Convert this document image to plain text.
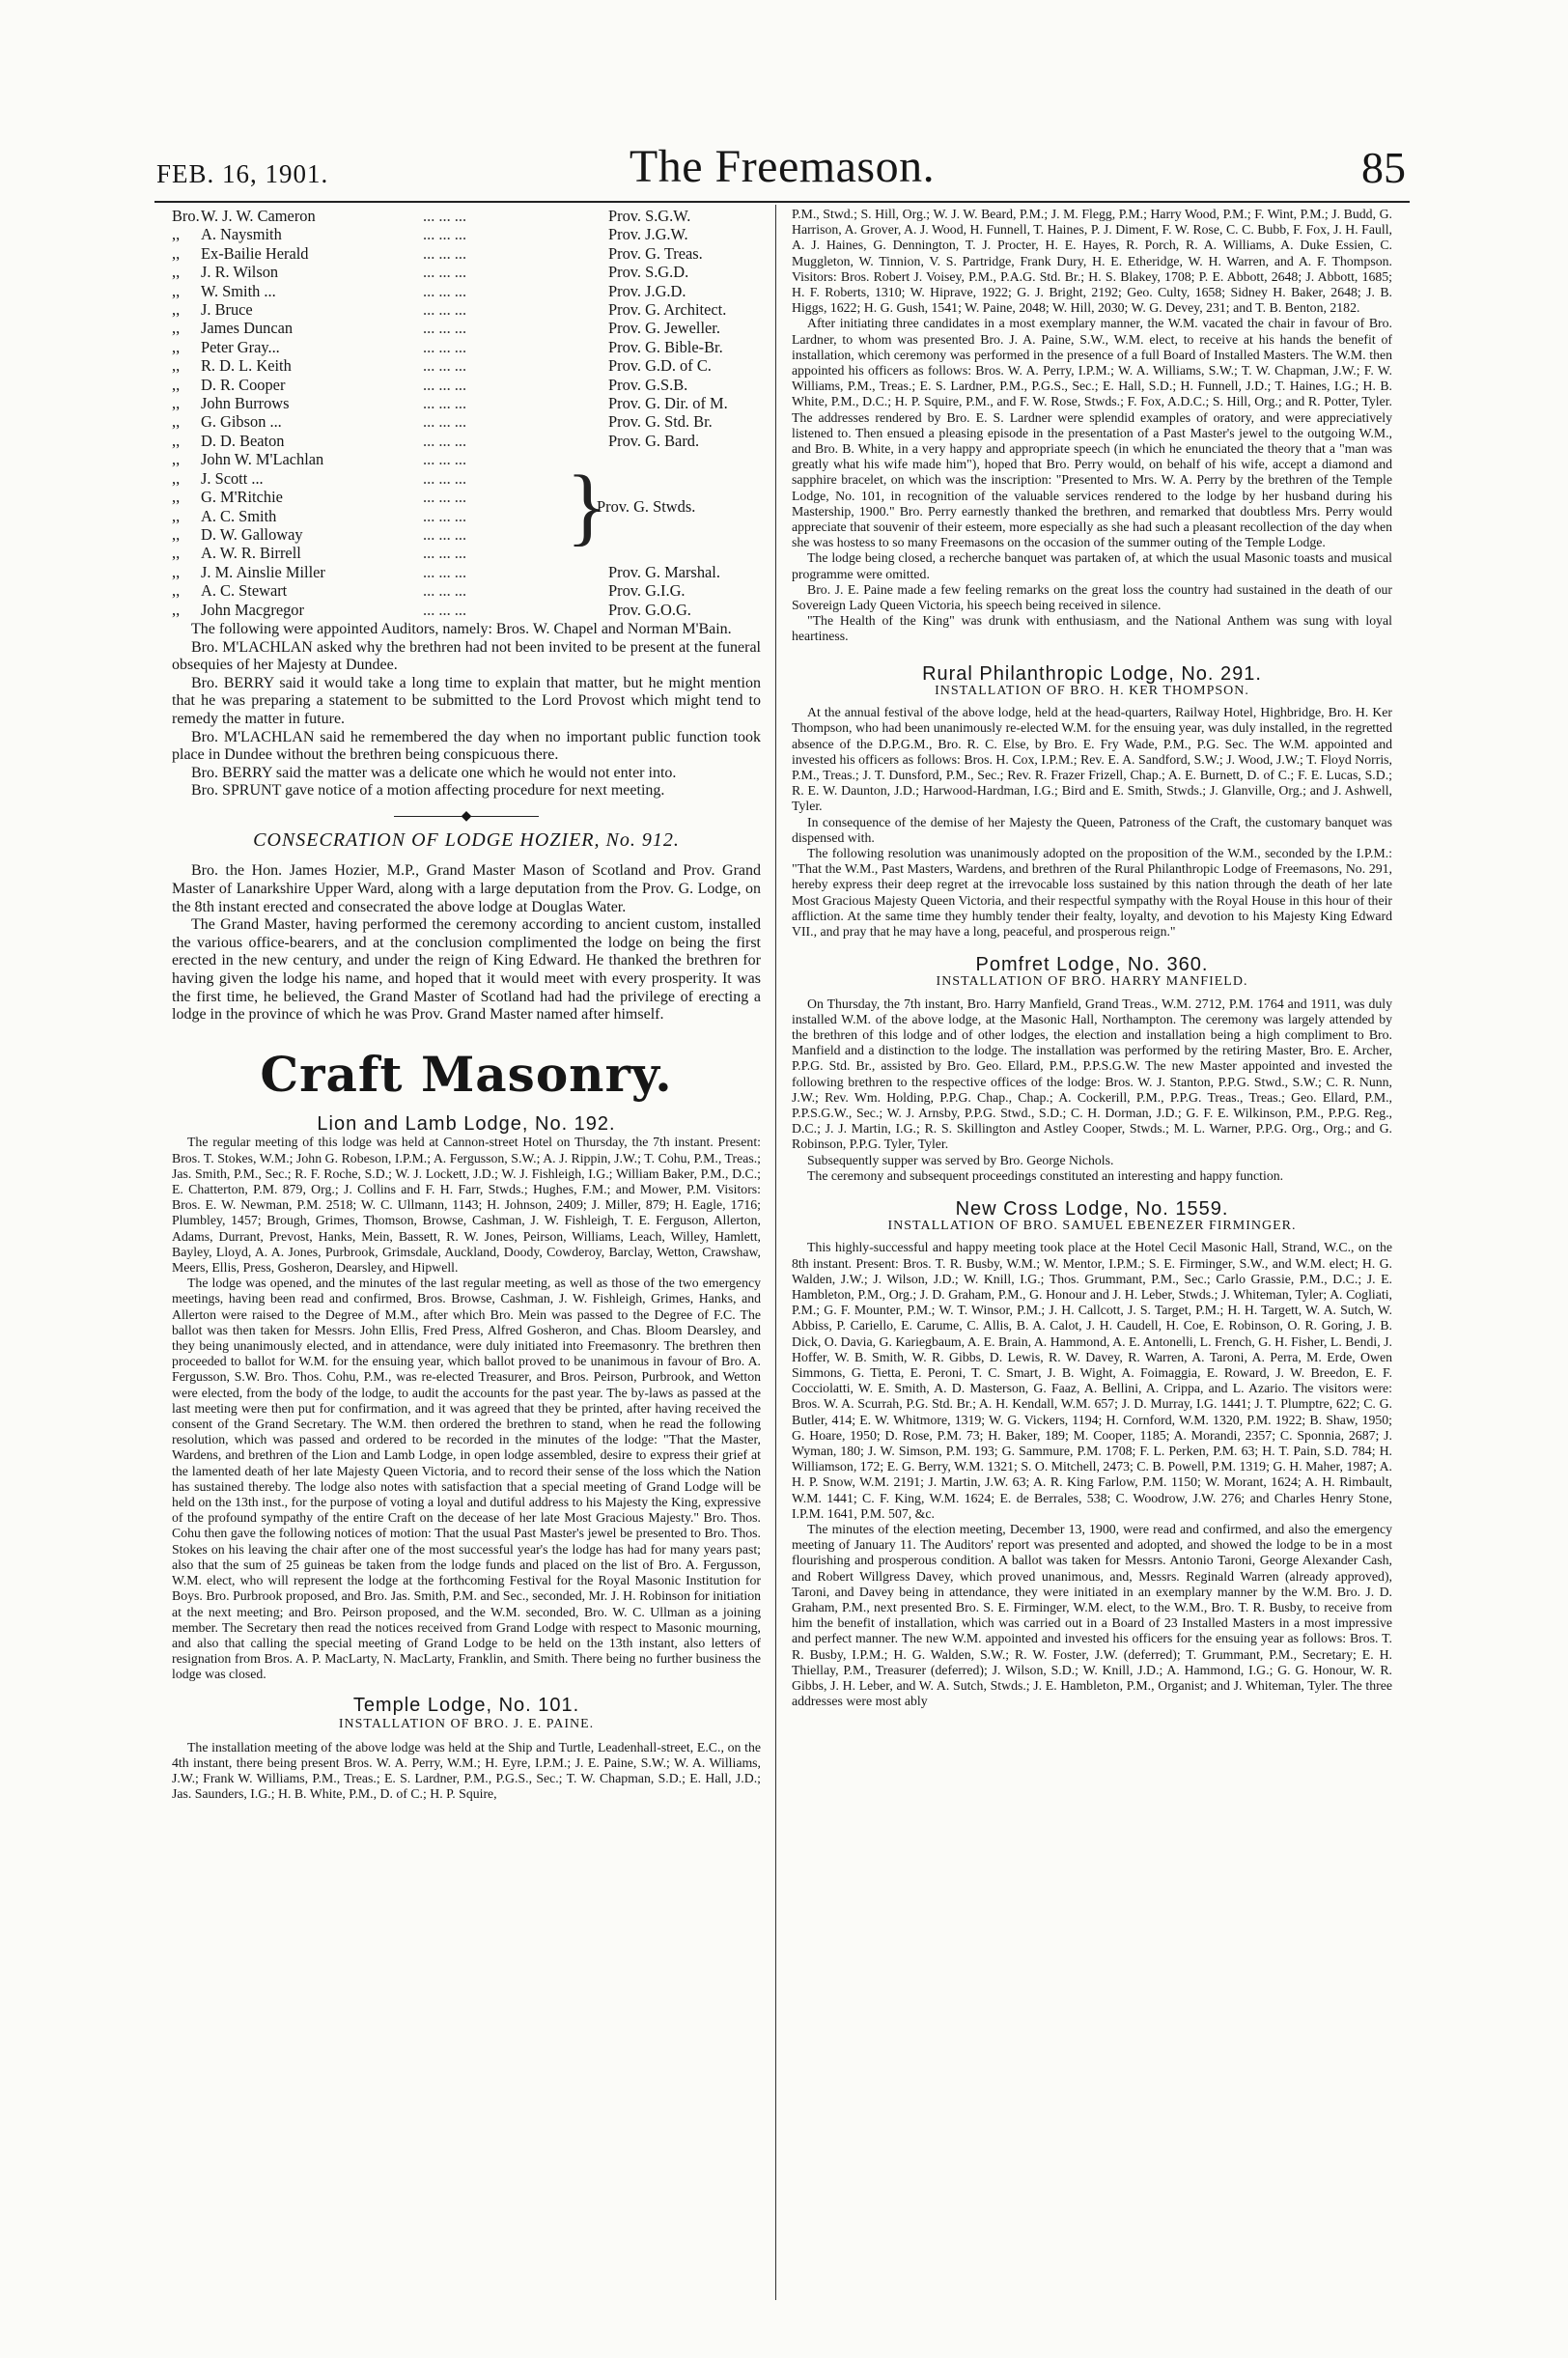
FEB. 16, 1901.	The Freemason.	85
Bro. W. J. W. Cameron	... ... ...	Prov. S.G.W.
,,	A. Naysmith	... ... ...	Prov. J.G.W.
,,	Ex-Bailie Herald	... ... ...	Prov. G. Treas.
,,	J. R. Wilson	... ... ...	Prov. S.G.D.
,,	W. Smith ...	... ... ...	Prov. J.G.D.
,,	J. Bruce	... ... ...	Prov. G. Architect.
,,	James Duncan	... ... ...	Prov. G. Jeweller.
,,	Peter Gray...	... ... ...	Prov. G. Bible-Br.
,,	R. D. L. Keith	... ... ...	Prov. G.D. of C.
,,	D. R. Cooper	... ... ...	Prov. G.S.B.
,,	John Burrows	... ... ...	Prov. G. Dir. of M.
,,	G. Gibson ...	... ... ...	Prov. G. Std. Br.
,,	D. D. Beaton	... ... ...	Prov. G. Bard.
,,	John W. M'Lachlan	... ... ...
,,	J. Scott ...	... ... ...
,,	G. M'Ritchie	... ... ...
,,	A. C. Smith	... ... ...
,,	D. W. Galloway	... ... ...
,,	A. W. R. Birrell	... ... ...	}
Prov. G. Stwds.
,,	J. M. Ainslie Miller	... ... ...	Prov. G. Marshal.
,,	A. C. Stewart	... ... ...	Prov. G.I.G.
,,	John Macgregor	... ... ...	Prov. G.O.G.

The following were appointed Auditors, namely: Bros. W. Chapel and Norman M'Bain.

Bro. M'LACHLAN asked why the brethren had not been invited to be present at the funeral obsequies of her Majesty at Dundee.

Bro. BERRY said it would take a long time to explain that matter, but he might mention that he was preparing a statement to be submitted to the Lord Provost which might tend to remedy the matter in future.

Bro. M'LACHLAN said he remembered the day when no important public function took place in Dundee without the brethren being conspicuous there.

Bro. BERRY said the matter was a delicate one which he would not enter into.

Bro. SPRUNT gave notice of a motion affecting procedure for next meeting.

◆
CONSECRATION OF LODGE HOZIER, No. 912.

Bro. the Hon. James Hozier, M.P., Grand Master Mason of Scotland and Prov. Grand Master of Lanarkshire Upper Ward, along with a large deputation from the Prov. G. Lodge, on the 8th instant erected and consecrated the above lodge at Douglas Water.

The Grand Master, having performed the ceremony according to ancient custom, installed the various office-bearers, and at the conclusion complimented the lodge on being the first erected in the new century, and under the reign of King Edward. He thanked the brethren for having given the lodge his name, and hoped that it would meet with every prosperity. It was the first time, he believed, the Grand Master of Scotland had had the privilege of erecting a lodge in the province of which he was Prov. Grand Master named after himself.

Craft Masonry.
Lion and Lamb Lodge, No. 192.

The regular meeting of this lodge was held at Cannon-street Hotel on Thursday, the 7th instant. Present: Bros. T. Stokes, W.M.; John G. Robeson, I.P.M.; A. Fergusson, S.W.; A. J. Rippin, J.W.; T. Cohu, P.M., Treas.; Jas. Smith, P.M., Sec.; R. F. Roche, S.D.; W. J. Lockett, J.D.; W. J. Fishleigh, I.G.; William Baker, P.M., D.C.; E. Chatterton, P.M. 879, Org.; J. Collins and F. H. Farr, Stwds.; Hughes, F.M.; and Mower, P.M. Visitors: Bros. E. W. Newman, P.M. 2518; W. C. Ullmann, 1143; H. Johnson, 2409; J. Miller, 879; H. Eagle, 1716; Plumbley, 1457; Brough, Grimes, Thomson, Browse, Cashman, J. W. Fishleigh, T. E. Ferguson, Allerton, Adams, Durrant, Prevost, Hanks, Mein, Bassett, R. W. Jones, Peirson, Williams, Leach, Willey, Hamlett, Bayley, Lloyd, A. A. Jones, Purbrook, Grimsdale, Auckland, Doody, Cowderoy, Barclay, Wetton, Crawshaw, Meers, Ellis, Press, Gosheron, Dearsley, and Hipwell.

The lodge was opened, and the minutes of the last regular meeting, as well as those of the two emergency meetings, having been read and confirmed, Bros. Browse, Cashman, J. W. Fishleigh, Grimes, Hanks, and Allerton were raised to the Degree of M.M., after which Bro. Mein was passed to the Degree of F.C. The ballot was then taken for Messrs. John Ellis, Fred Press, Alfred Gosheron, and Chas. Bloom Dearsley, and they being unanimously elected, and in attendance, were duly initiated into Freemasonry. The brethren then proceeded to ballot for W.M. for the ensuing year, which ballot proved to be unanimous in favour of Bro. A. Fergusson, S.W. Bro. Thos. Cohu, P.M., was re-elected Treasurer, and Bros. Peirson, Purbrook, and Wetton were elected, from the body of the lodge, to audit the accounts for the past year. The by-laws as passed at the last meeting were then put for confirmation, and it was agreed that they be printed, after having received the consent of the Grand Secretary. The W.M. then ordered the brethren to stand, when he read the following resolution, which was passed and ordered to be recorded in the minutes of the lodge: "That the Master, Wardens, and brethren of the Lion and Lamb Lodge, in open lodge assembled, desire to express their grief at the lamented death of her late Majesty Queen Victoria, and to record their sense of the loss which the Nation has sustained thereby. The lodge also notes with satisfaction that a special meeting of Grand Lodge will be held on the 13th inst., for the purpose of voting a loyal and dutiful address to his Majesty the King, expressive of the profound sympathy of the entire Craft on the decease of her late Most Gracious Majesty." Bro. Thos. Cohu then gave the following notices of motion: That the usual Past Master's jewel be presented to Bro. Thos. Stokes on his leaving the chair after one of the most successful year's the lodge has had for many years past; also that the sum of 25 guineas be taken from the lodge funds and placed on the list of Bro. A. Fergusson, W.M. elect, who will represent the lodge at the forthcoming Festival for the Royal Masonic Institution for Boys. Bro. Purbrook proposed, and Bro. Jas. Smith, P.M. and Sec., seconded, Mr. J. H. Robinson for initiation at the next meeting; and Bro. Peirson proposed, and the W.M. seconded, Bro. W. C. Ullman as a joining member. The Secretary then read the notices received from Grand Lodge with respect to Masonic mourning, and also that calling the special meeting of Grand Lodge to be held on the 13th instant, also letters of resignation from Bros. A. P. MacLarty, N. MacLarty, Franklin, and Smith. There being no further business the lodge was closed.

Temple Lodge, No. 101.
INSTALLATION OF BRO. J. E. PAINE.

The installation meeting of the above lodge was held at the Ship and Turtle, Leadenhall-street, E.C., on the 4th instant, there being present Bros. W. A. Perry, W.M.; H. Eyre, I.P.M.; J. E. Paine, S.W.; W. A. Williams, J.W.; Frank W. Williams, P.M., Treas.; E. S. Lardner, P.M., P.G.S., Sec.; T. W. Chapman, S.D.; E. Hall, J.D.; Jas. Saunders, I.G.; H. B. White, P.M., D. of C.; H. P. Squire,

P.M., Stwd.; S. Hill, Org.; W. J. W. Beard, P.M.; J. M. Flegg, P.M.; Harry Wood, P.M.; F. Wint, P.M.; J. Budd, G. Harrison, A. Grover, A. J. Wood, H. Funnell, T. Haines, P. J. Diment, F. W. Rose, C. C. Bubb, F. Fox, J. H. Faull, A. J. Haines, G. Dennington, T. J. Procter, H. E. Hayes, R. Porch, R. A. Williams, A. Duke Essien, C. Muggleton, W. Tinnion, V. S. Partridge, Frank Dury, H. E. Etheridge, W. H. Warren, and A. F. Thompson. Visitors: Bros. Robert J. Voisey, P.M., P.A.G. Std. Br.; H. S. Blakey, 1708; P. E. Abbott, 2648; J. Abbott, 1685; H. F. Roberts, 1310; W. Hiprave, 1922; G. J. Bright, 2192; Geo. Culty, 1658; Sidney H. Baker, 2648; J. B. Higgs, 1622; H. G. Gush, 1541; W. Paine, 2048; W. Hill, 2030; W. G. Devey, 231; and T. B. Benton, 2182.

After initiating three candidates in a most exemplary manner, the W.M. vacated the chair in favour of Bro. Lardner, to whom was presented Bro. J. A. Paine, S.W., W.M. elect, to receive at his hands the benefit of installation, which ceremony was performed in the presence of a full Board of Installed Masters. The W.M. then appointed his officers as follows: Bros. W. A. Perry, I.P.M.; W. A. Williams, S.W.; T. W. Chapman, J.W.; F. W. Williams, P.M., Treas.; E. S. Lardner, P.M., P.G.S., Sec.; E. Hall, S.D.; H. Funnell, J.D.; T. Haines, I.G.; H. B. White, P.M., D.C.; H. P. Squire, P.M., and F. W. Rose, Stwds.; F. Fox, A.D.C.; S. Hill, Org.; and R. Potter, Tyler. The addresses rendered by Bro. E. S. Lardner were splendid examples of oratory, and were appreciatively listened to. Then ensued a pleasing episode in the presentation of a Past Master's jewel to the outgoing W.M., and Bro. B. White, in a very happy and appropriate speech (in which he enunciated the theory that a "man was greatly what his wife made him"), hoped that Bro. Perry would, on behalf of his wife, accept a diamond and sapphire bracelet, on which was the inscription: "Presented to Mrs. W. A. Perry by the brethren of the Temple Lodge, No. 101, in recognition of the valuable services rendered to the lodge by her husband during his Mastership, 1900." Bro. Perry earnestly thanked the brethren, and remarked that doubtless Mrs. Perry would appreciate that souvenir of their esteem, more especially as she had such a pleasant recollection of the day when she was hostess to so many Freemasons on the occasion of the summer outing of the Temple Lodge.

The lodge being closed, a recherche banquet was partaken of, at which the usual Masonic toasts and musical programme were omitted.

Bro. J. E. Paine made a few feeling remarks on the great loss the country had sustained in the death of our Sovereign Lady Queen Victoria, his speech being received in silence.

"The Health of the King" was drunk with enthusiasm, and the National Anthem was sung with loyal heartiness.

Rural Philanthropic Lodge, No. 291.
INSTALLATION OF BRO. H. KER THOMPSON.

At the annual festival of the above lodge, held at the head-quarters, Railway Hotel, Highbridge, Bro. H. Ker Thompson, who had been unanimously re-elected W.M. for the ensuing year, was duly installed, in the regretted absence of the D.P.G.M., Bro. R. C. Else, by Bro. E. Fry Wade, P.M., P.G. Sec. The W.M. appointed and invested his officers as follows: Bros. H. Cox, I.P.M.; Rev. E. A. Sandford, S.W.; J. Wood, J.W.; T. Floyd Norris, P.M., Treas.; J. T. Dunsford, P.M., Sec.; Rev. R. Frazer Frizell, Chap.; A. E. Burnett, D. of C.; F. E. Lucas, S.D.; R. E. W. Daunton, J.D.; Harwood-Hardman, I.G.; Bird and E. Smith, Stwds.; J. Glanville, Org.; and J. Ashwell, Tyler.

In consequence of the demise of her Majesty the Queen, Patroness of the Craft, the customary banquet was dispensed with.

The following resolution was unanimously adopted on the proposition of the W.M., seconded by the I.P.M.: "That the W.M., Past Masters, Wardens, and brethren of the Rural Philanthropic Lodge of Freemasons, No. 291, hereby express their deep regret at the irrevocable loss sustained by this nation through the death of her late Most Gracious Majesty Queen Victoria, and their respectful sympathy with the Royal House in this hour of their affliction. At the same time they humbly tender their fealty, loyalty, and devotion to his Majesty King Edward VII., and pray that he may have a long, peaceful, and prosperous reign."

Pomfret Lodge, No. 360.
INSTALLATION OF BRO. HARRY MANFIELD.

On Thursday, the 7th instant, Bro. Harry Manfield, Grand Treas., W.M. 2712, P.M. 1764 and 1911, was duly installed W.M. of the above lodge, at the Masonic Hall, Northampton. The ceremony was largely attended by the brethren of this lodge and of other lodges, the election and installation being a high compliment to Bro. Manfield and a distinction to the lodge. The installation was performed by the retiring Master, Bro. E. Archer, P.P.G. Std. Br., assisted by Bro. Geo. Ellard, P.M., P.P.S.G.W. The new Master appointed and invested the following brethren to the respective offices of the lodge: Bros. W. J. Stanton, P.P.G. Stwd., S.W.; C. R. Nunn, J.W.; Rev. Wm. Holding, P.P.G. Chap., Chap.; A. Cockerill, P.M., P.P.G. Treas., Treas.; Geo. Ellard, P.M., P.P.S.G.W., Sec.; W. J. Arnsby, P.P.G. Stwd., S.D.; C. H. Dorman, J.D.; G. F. E. Wilkinson, P.M., P.P.G. Reg., D.C.; J. J. Martin, I.G.; R. S. Skillington and Astley Cooper, Stwds.; M. L. Warner, P.P.G. Org., Org.; and G. Robinson, P.P.G. Tyler, Tyler.

Subsequently supper was served by Bro. George Nichols.

The ceremony and subsequent proceedings constituted an interesting and happy function.

New Cross Lodge, No. 1559.
INSTALLATION OF BRO. SAMUEL EBENEZER FIRMINGER.

This highly-successful and happy meeting took place at the Hotel Cecil Masonic Hall, Strand, W.C., on the 8th instant. Present: Bros. T. R. Busby, W.M.; W. Mentor, I.P.M.; S. E. Firminger, S.W., and W.M. elect; H. G. Walden, J.W.; J. Wilson, J.D.; W. Knill, I.G.; Thos. Grummant, P.M., Sec.; Carlo Grassie, P.M., D.C.; J. E. Hambleton, P.M., Org.; J. D. Graham, P.M., G. Honour and J. H. Leber, Stwds.; J. Whiteman, Tyler; A. Cogliati, P.M.; G. F. Mounter, P.M.; W. T. Winsor, P.M.; J. H. Callcott, J. S. Target, P.M.; H. H. Targett, W. A. Sutch, W. Abbiss, P. Cariello, E. Carume, C. Allis, B. A. Calot, J. H. Caudell, H. Coe, E. Robinson, O. R. Goring, J. B. Dick, O. Davia, G. Kariegbaum, A. E. Brain, A. Hammond, A. E. Antonelli, L. French, G. H. Fisher, L. Bendi, J. Hoffer, W. B. Smith, W. R. Gibbs, D. Lewis, R. W. Davey, R. Warren, A. Taroni, A. Perra, M. Erde, Owen Simmons, G. Tietta, E. Peroni, T. C. Smart, J. B. Wight, A. Foimaggia, E. Roward, J. W. Breedon, E. F. Cocciolatti, W. E. Smith, A. D. Masterson, G. Faaz, A. Bellini, A. Crippa, and L. Azario. The visitors were: Bros. W. A. Scurrah, P.G. Std. Br.; A. H. Kendall, W.M. 657; J. D. Murray, I.G. 1441; J. T. Plumptre, 622; C. G. Butler, 414; E. W. Whitmore, 1319; W. G. Vickers, 1194; H. Cornford, W.M. 1320, P.M. 1922; B. Shaw, 1950; G. Hoare, 1950; D. Rose, P.M. 73; H. Baker, 189; M. Cooper, 1185; A. Morandi, 2357; C. Sponnia, 2687; J. Wyman, 180; J. W. Simson, P.M. 193; G. Sammure, P.M. 1708; F. L. Perken, P.M. 63; H. T. Pain, S.D. 784; H. Williamson, 172; E. G. Berry, W.M. 1321; S. O. Mitchell, 2473; C. B. Powell, P.M. 1319; G. H. Maher, 1987; A. H. P. Snow, W.M. 2191; J. Martin, J.W. 63; A. R. King Farlow, P.M. 1150; W. Morant, 1624; A. H. Rimbault, W.M. 1441; C. F. King, W.M. 1624; E. de Berrales, 538; C. Woodrow, J.W. 276; and Charles Henry Stone, I.P.M. 1641, P.M. 507, &c.

The minutes of the election meeting, December 13, 1900, were read and confirmed, and also the emergency meeting of January 11. The Auditors' report was presented and adopted, and showed the lodge to be in a most flourishing and prosperous condition. A ballot was taken for Messrs. Antonio Taroni, George Alexander Cash, and Robert Willgress Davey, which proved unanimous, and, Messrs. Reginald Warren (already approved), Taroni, and Davey being in attendance, they were initiated in an exemplary manner by the W.M. Bro. J. D. Graham, P.M., next presented Bro. S. E. Firminger, W.M. elect, to the W.M., Bro. T. R. Busby, to receive from him the benefit of installation, which was carried out in a Board of 23 Installed Masters in a most impressive and perfect manner. The new W.M. appointed and invested his officers for the ensuing year as follows: Bros. T. R. Busby, I.P.M.; H. G. Walden, S.W.; R. W. Foster, J.W. (deferred); T. Grummant, P.M., Secretary; E. H. Thiellay, P.M., Treasurer (deferred); J. Wilson, S.D.; W. Knill, J.D.; A. Hammond, I.G.; G. G. Honour, W. R. Gibbs, J. H. Leber, and W. A. Sutch, Stwds.; J. E. Hambleton, P.M., Organist; and J. Whiteman, Tyler. The three addresses were most ably
